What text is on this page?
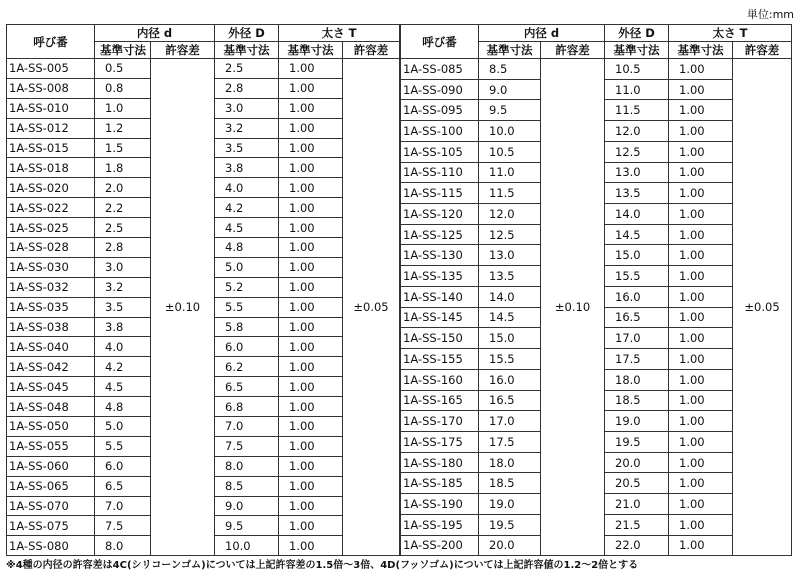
単位:mm
呼び番	内径 d		外径 D	太さ T	
	基準寸法	許容差	基準寸法	基準寸法	許容差
1A-SS-005	0.5	±0.10	2.5	1.00	±0.05
1A-SS-008	0.8		2.8	1.00	
1A-SS-010	1.0		3.0	1.00	
1A-SS-012	1.2		3.2	1.00	
1A-SS-015	1.5		3.5	1.00	
1A-SS-018	1.8		3.8	1.00	
1A-SS-020	2.0		4.0	1.00	
1A-SS-022	2.2		4.2	1.00	
1A-SS-025	2.5		4.5	1.00	
1A-SS-028	2.8		4.8	1.00	
1A-SS-030	3.0		5.0	1.00	
1A-SS-032	3.2		5.2	1.00	
1A-SS-035	3.5		5.5	1.00	
1A-SS-038	3.8		5.8	1.00	
1A-SS-040	4.0		6.0	1.00	
1A-SS-042	4.2		6.2	1.00	
1A-SS-045	4.5		6.5	1.00	
1A-SS-048	4.8		6.8	1.00	
1A-SS-050	5.0		7.0	1.00	
1A-SS-055	5.5		7.5	1.00	
1A-SS-060	6.0		8.0	1.00	
1A-SS-065	6.5		8.5	1.00	
1A-SS-070	7.0		9.0	1.00	
1A-SS-075	7.5		9.5	1.00	
1A-SS-080	8.0		10.0	1.00	
呼び番	内径 d		外径 D	太さ T	
	基準寸法	許容差	基準寸法	基準寸法	許容差
1A-SS-085	8.5	±0.10	10.5	1.00	±0.05
1A-SS-090	9.0		11.0	1.00	
1A-SS-095	9.5		11.5	1.00	
1A-SS-100	10.0		12.0	1.00	
1A-SS-105	10.5		12.5	1.00	
1A-SS-110	11.0		13.0	1.00	
1A-SS-115	11.5		13.5	1.00	
1A-SS-120	12.0		14.0	1.00	
1A-SS-125	12.5		14.5	1.00	
1A-SS-130	13.0		15.0	1.00	
1A-SS-135	13.5		15.5	1.00	
1A-SS-140	14.0		16.0	1.00	
1A-SS-145	14.5		16.5	1.00	
1A-SS-150	15.0		17.0	1.00	
1A-SS-155	15.5		17.5	1.00	
1A-SS-160	16.0		18.0	1.00	
1A-SS-165	16.5		18.5	1.00	
1A-SS-170	17.0		19.0	1.00	
1A-SS-175	17.5		19.5	1.00	
1A-SS-180	18.0		20.0	1.00	
1A-SS-185	18.5		20.5	1.00	
1A-SS-190	19.0		21.0	1.00	
1A-SS-195	19.5		21.5	1.00	
1A-SS-200	20.0		22.0	1.00	
※4種の内径の許容差は4C(シリコーンゴム)については上記許容差の1.5倍〜3倍、4D(フッソゴム)については上記許容値の1.2〜2倍とする
